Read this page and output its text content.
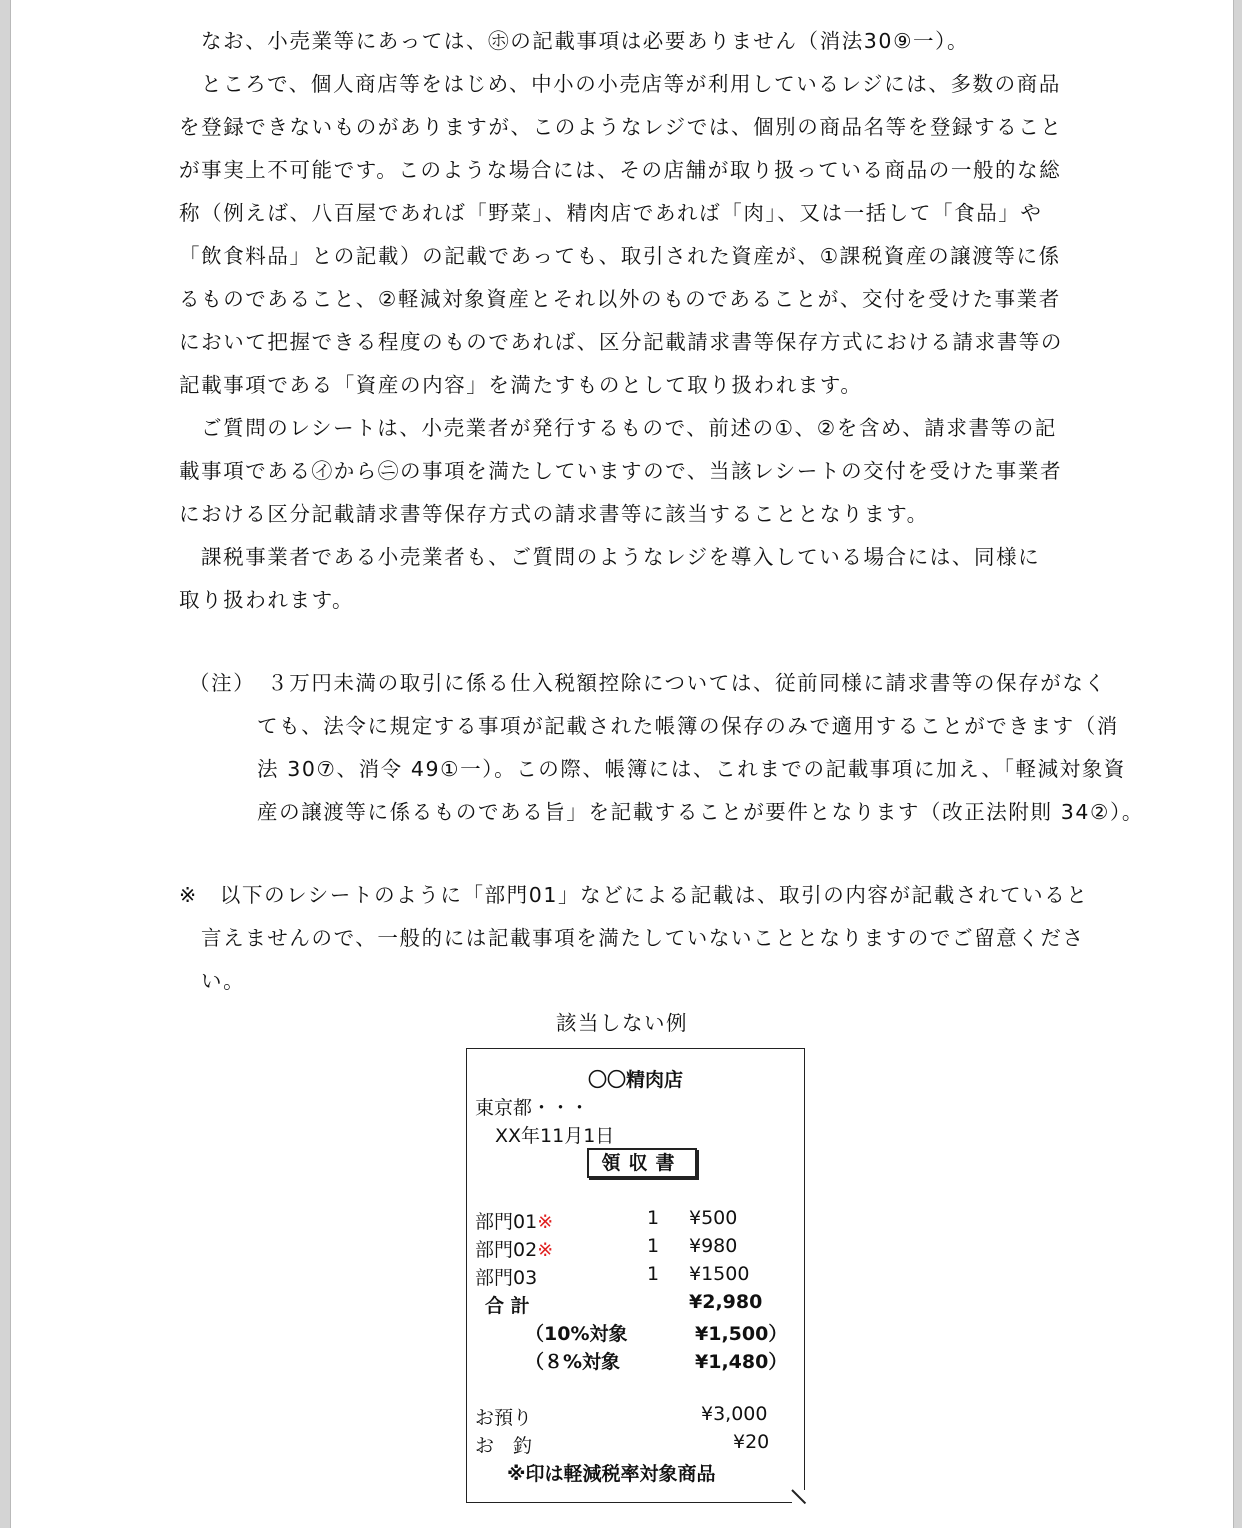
なお、小売業等にあっては、㋭の記載事項は必要ありません（消法30⑨一）。
ところで、個人商店等をはじめ、中小の小売店等が利用しているレジには、多数の商品
を登録できないものがありますが、このようなレジでは、個別の商品名等を登録すること
が事実上不可能です。このような場合には、その店舗が取り扱っている商品の一般的な総
称（例えば、八百屋であれば「野菜」、精肉店であれば「肉」、又は一括して「食品」や
「飲食料品」との記載）の記載であっても、取引された資産が、①課税資産の譲渡等に係
るものであること、②軽減対象資産とそれ以外のものであることが、交付を受けた事業者
において把握できる程度のものであれば、区分記載請求書等保存方式における請求書等の
記載事項である「資産の内容」を満たすものとして取り扱われます。
ご質問のレシートは、小売業者が発行するもので、前述の①、②を含め、請求書等の記
載事項である㋑から㋥の事項を満たしていますので、当該レシートの交付を受けた事業者
における区分記載請求書等保存方式の請求書等に該当することとなります。
課税事業者である小売業者も、ご質問のようなレジを導入している場合には、同様に
取り扱われます。
（注）　３万円未満の取引に係る仕入税額控除については、従前同様に請求書等の保存がなく
ても、法令に規定する事項が記載された帳簿の保存のみで適用することができます（消
法 30⑦、消令 49①一）。この際、帳簿には、これまでの記載事項に加え、「軽減対象資
産の譲渡等に係るものである旨」を記載することが要件となります（改正法附則 34②）。
※　以下のレシートのように「部門01」などによる記載は、取引の内容が記載されていると
言えませんので、一般的には記載事項を満たしていないこととなりますのでご留意くださ
い。
該当しない例
〇〇精肉店
東京都・・・
XX年11月1日
領収書
部門01※	1 ¥500
部門02※	1 ¥980
部門03	1 ¥1500
合 計	¥2,980
（10%対象	¥1,500）
（８%対象	¥1,480）
お預り	¥3,000
お　釣	¥20
※印は軽減税率対象商品
